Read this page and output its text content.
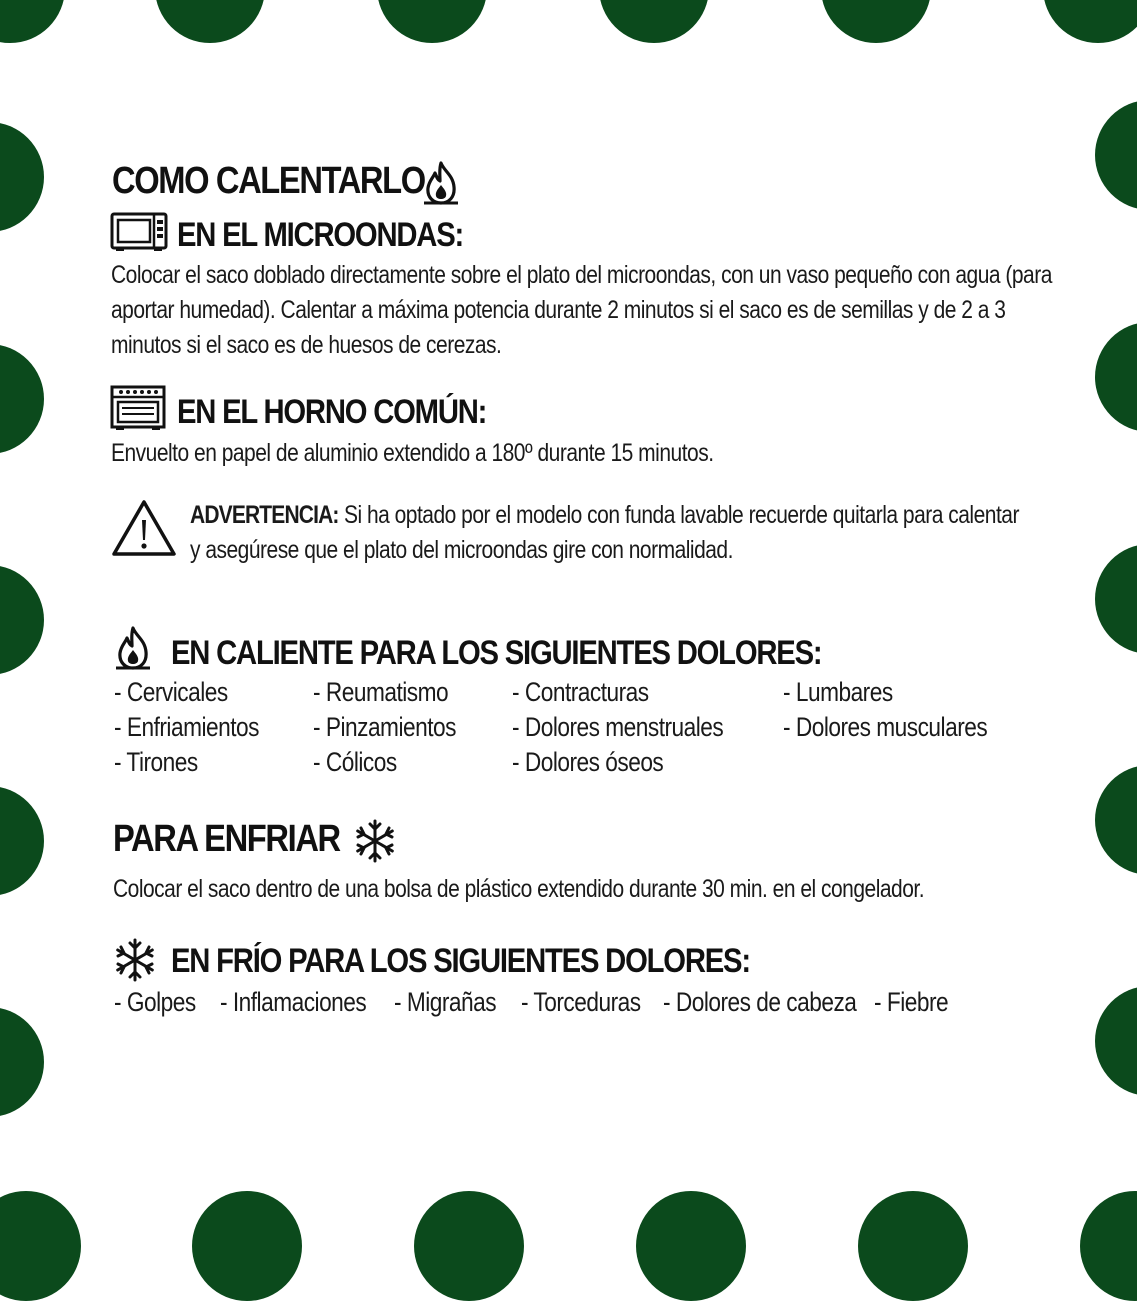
COMO CALENTARLO
EN EL MICROONDAS:
Colocar el saco doblado directamente sobre el plato del microondas, con un vaso pequeño con agua (para
aportar humedad). Calentar a máxima potencia durante 2 minutos si el saco es de semillas y de 2 a 3
minutos si el saco es de huesos de cerezas.
EN EL HORNO COMÚN:
Envuelto en papel de aluminio extendido a 180º durante 15 minutos.
ADVERTENCIA: Si ha optado por el modelo con funda lavable recuerde quitarla para calentar
y asegúrese que el plato del microondas gire con normalidad.
EN CALIENTE PARA LOS SIGUIENTES DOLORES:
- Cervicales
- Enfriamientos
- Tirones
- Reumatismo
- Pinzamientos
- Cólicos
- Contracturas
- Dolores menstruales
- Dolores óseos
- Lumbares
- Dolores musculares
PARA ENFRIAR
Colocar el saco dentro de una bolsa de plástico extendido durante 30 min. en el congelador.
EN FRÍO PARA LOS SIGUIENTES DOLORES:
- Golpes - Inflamaciones - Migrañas - Torceduras - Dolores de cabeza - Fiebre
